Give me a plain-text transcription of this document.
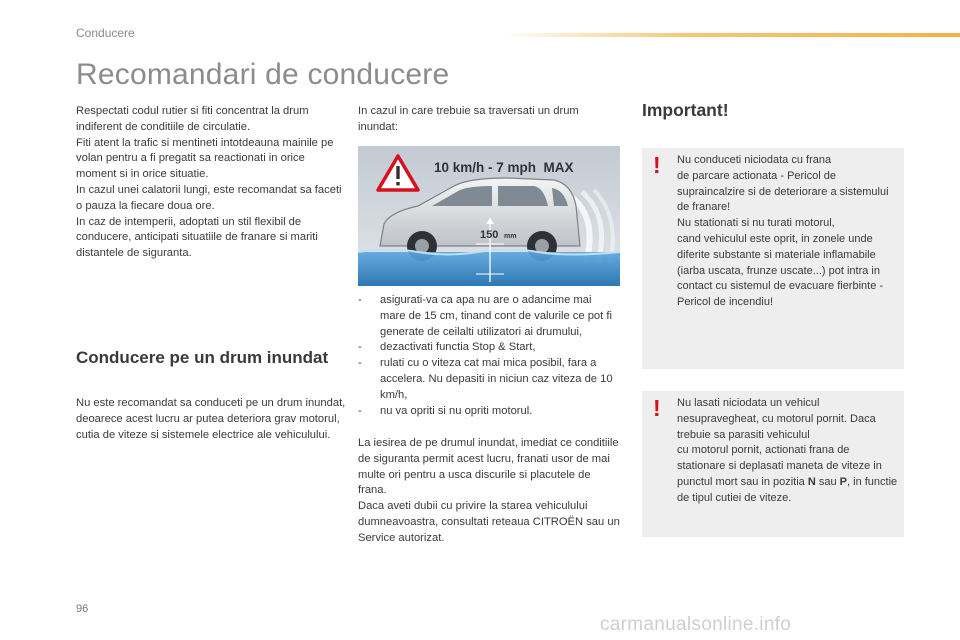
Conducere
Recomandari de conducere

Respectati codul rutier si fiti concentrat la drum indiferent de conditiile de circulatie.
Fiti atent la trafic si mentineti intotdeauna mainile pe volan pentru a fi pregatit sa reactionati in orice moment si in orice situatie.
In cazul unei calatorii lungi, este recomandat sa faceti o pauza la fiecare doua ore.
In caz de intemperii, adoptati un stil flexibil de conducere, anticipati situatiile de franare si mariti distantele de siguranta.

Conducere pe un drum inundat

Nu este recomandat sa conduceti pe un drum inundat, deoarece acest lucru ar putea deteriora grav motorul, cutia de viteze si sistemele electrice ale vehiculului.

In cazul in care trebuie sa traversati un drum inundat:

10 km/h - 7 mph  MAX
150 mm
- asigurati-va ca apa nu are o adancime mai mare de 15 cm, tinand cont de valurile ce pot fi generate de ceilalti utilizatori ai drumului,
- dezactivati functia Stop & Start,
- rulati cu o viteza cat mai mica posibil, fara a accelera. Nu depasiti in niciun caz viteza de 10 km/h,
- nu va opriti si nu opriti motorul.

La iesirea de pe drumul inundat, imediat ce conditiile de siguranta permit acest lucru, franati usor de mai multe ori pentru a usca discurile si placutele de frana.
Daca aveti dubii cu privire la starea vehiculului dumneavoastra, consultati reteaua CITROËN sau un Service autorizat.

Important!
! Nu conduceti niciodata cu frana
de parcare actionata - Pericol de supraincalzire si de deteriorare a sistemului de franare!
Nu stationati si nu turati motorul,
cand vehiculul este oprit, in zonele unde diferite substante si materiale inflamabile (iarba uscata, frunze uscate...) pot intra in contact cu sistemul de evacuare fierbinte - Pericol de incendiu!

! Nu lasati niciodata un vehicul nesupravegheat, cu motorul pornit. Daca trebuie sa parasiti vehiculul
cu motorul pornit, actionati frana de stationare si deplasati maneta de viteze in punctul mort sau in pozitia N sau P, in functie de tipul cutiei de viteze.

96
carmanualsonline.info
